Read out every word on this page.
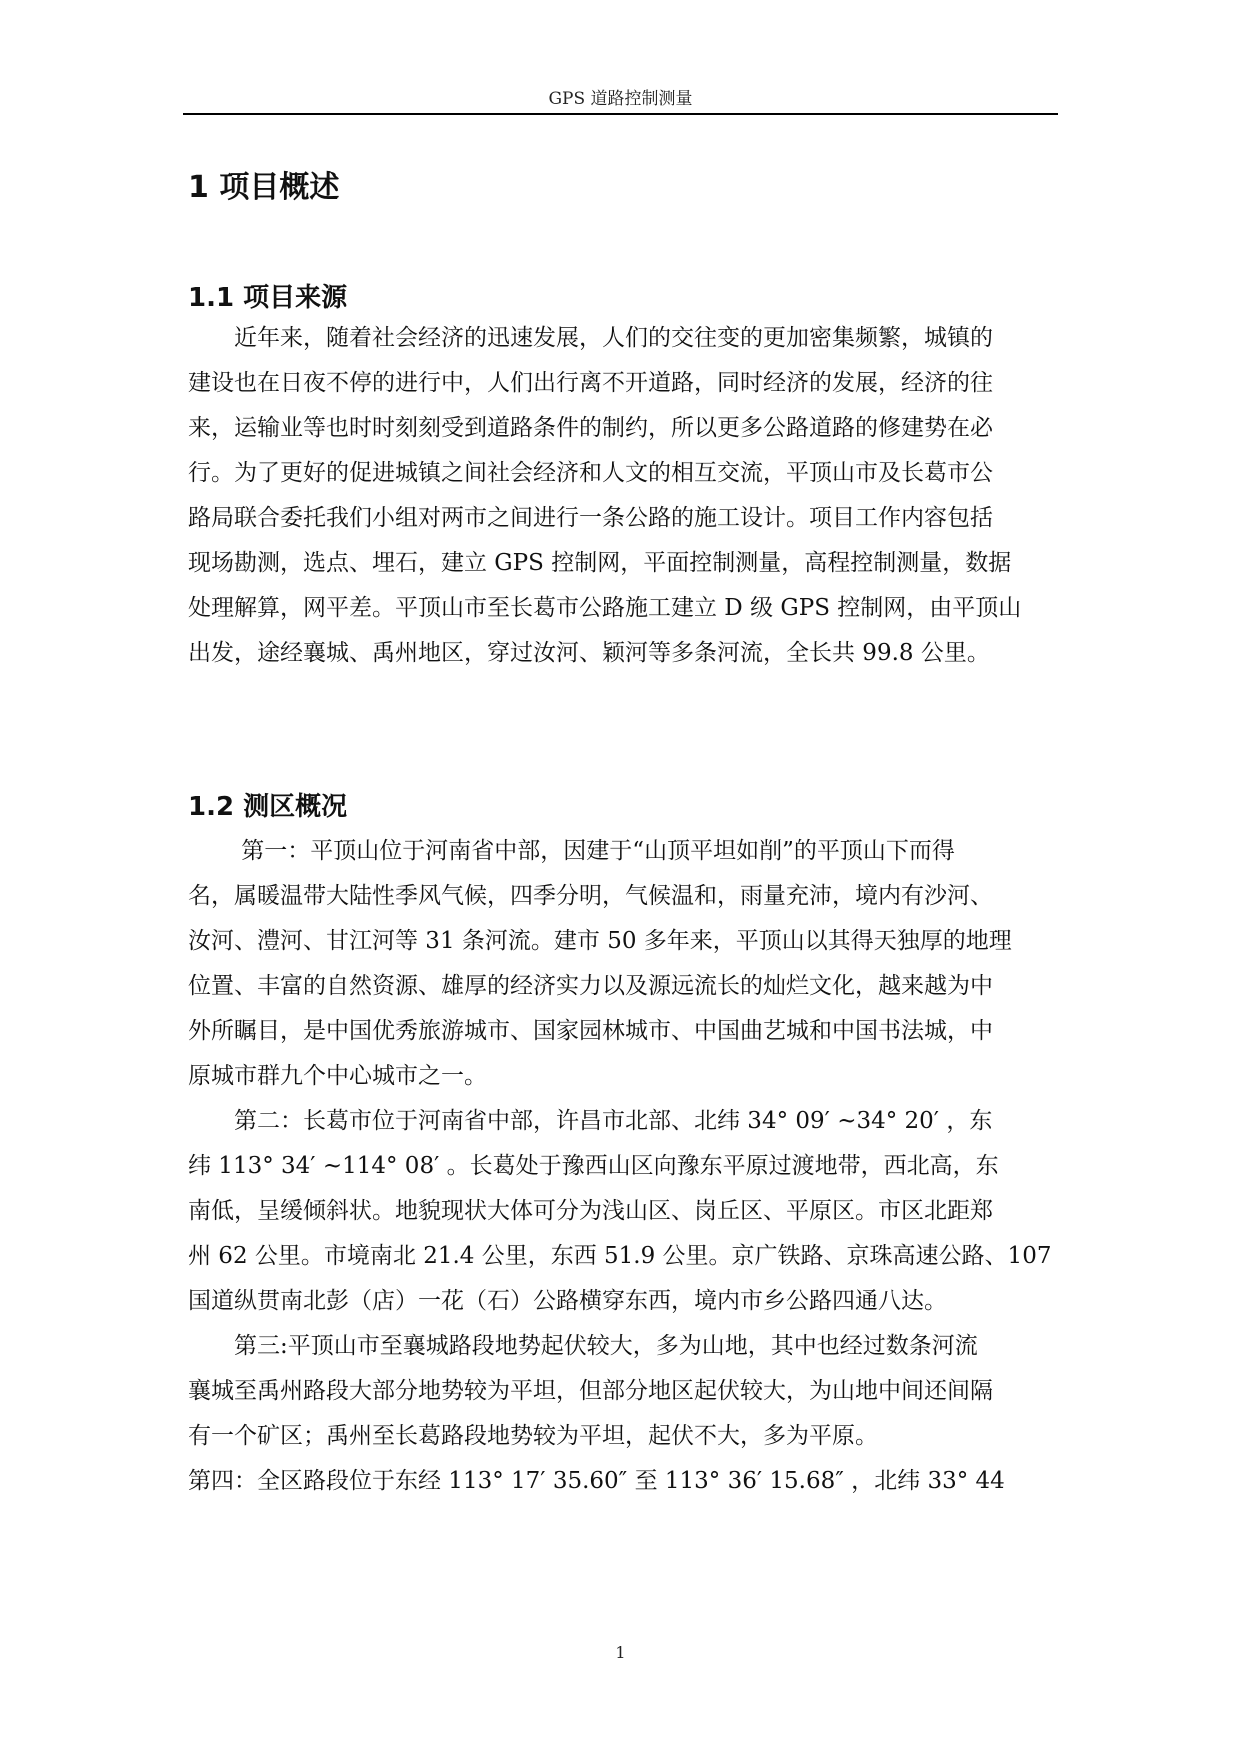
GPS 道路控制测量
1 项目概述
1.1 项目来源
　　近年来，随着社会经济的迅速发展，人们的交往变的更加密集频繁，城镇的
建设也在日夜不停的进行中，人们出行离不开道路，同时经济的发展，经济的往
来，运输业等也时时刻刻受到道路条件的制约，所以更多公路道路的修建势在必
行。为了更好的促进城镇之间社会经济和人文的相互交流，平顶山市及长葛市公
路局联合委托我们小组对两市之间进行一条公路的施工设计。项目工作内容包括
现场勘测，选点、埋石，建立 GPS 控制网，平面控制测量，高程控制测量，数据
处理解算，网平差。平顶山市至长葛市公路施工建立 D 级 GPS 控制网，由平顶山
出发，途经襄城、禹州地区，穿过汝河、颖河等多条河流，全长共 99.8 公里。
1.2 测区概况
　　 第一：平顶山位于河南省中部，因建于“山顶平坦如削”的平顶山下而得
名，属暖温带大陆性季风气候，四季分明，气候温和，雨量充沛，境内有沙河、
汝河、澧河、甘江河等 31 条河流。建市 50 多年来，平顶山以其得天独厚的地理
位置、丰富的自然资源、雄厚的经济实力以及源远流长的灿烂文化，越来越为中
外所瞩目，是中国优秀旅游城市、国家园林城市、中国曲艺城和中国书法城，中
原城市群九个中心城市之一。
　　第二：长葛市位于河南省中部，许昌市北部、北纬 34° 09′ ~34° 20′ ，东
纬 113° 34′ ~114° 08′ 。长葛处于豫西山区向豫东平原过渡地带，西北高，东
南低，呈缓倾斜状。地貌现状大体可分为浅山区、岗丘区、平原区。市区北距郑
州 62 公里。市境南北 21.4 公里，东西 51.9 公里。京广铁路、京珠高速公路、107
国道纵贯南北彭（店）一花（石）公路横穿东西，境内市乡公路四通八达。
　　第三:平顶山市至襄城路段地势起伏较大，多为山地，其中也经过数条河流
襄城至禹州路段大部分地势较为平坦，但部分地区起伏较大，为山地中间还间隔
有一个矿区；禹州至长葛路段地势较为平坦，起伏不大，多为平原。
第四：全区路段位于东经 113° 17′ 35.60″ 至 113° 36′ 15.68″ ，北纬 33° 44
1
